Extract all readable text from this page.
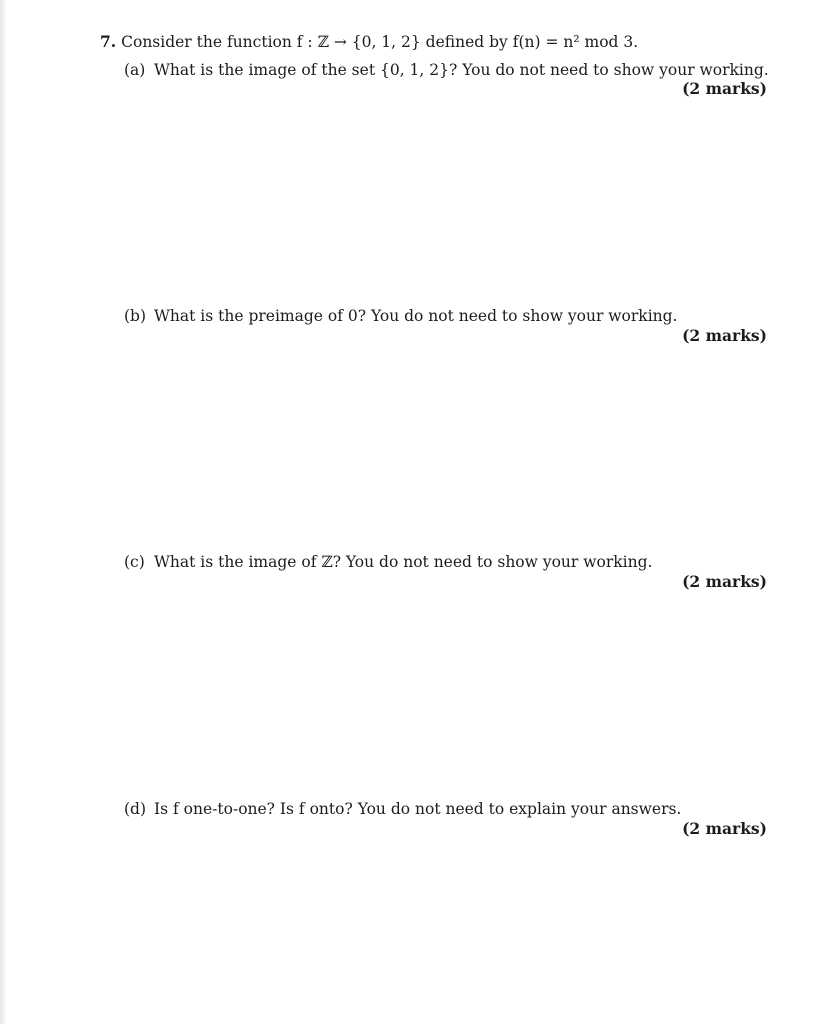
7. Consider the function f : ℤ → {0, 1, 2} defined by f(n) = n² mod 3.
(a) What is the image of the set {0, 1, 2}? You do not need to show your working.
(2 marks)
(b) What is the preimage of 0? You do not need to show your working.
(2 marks)
(c) What is the image of ℤ? You do not need to show your working.
(2 marks)
(d) Is f one-to-one? Is f onto? You do not need to explain your answers.
(2 marks)
